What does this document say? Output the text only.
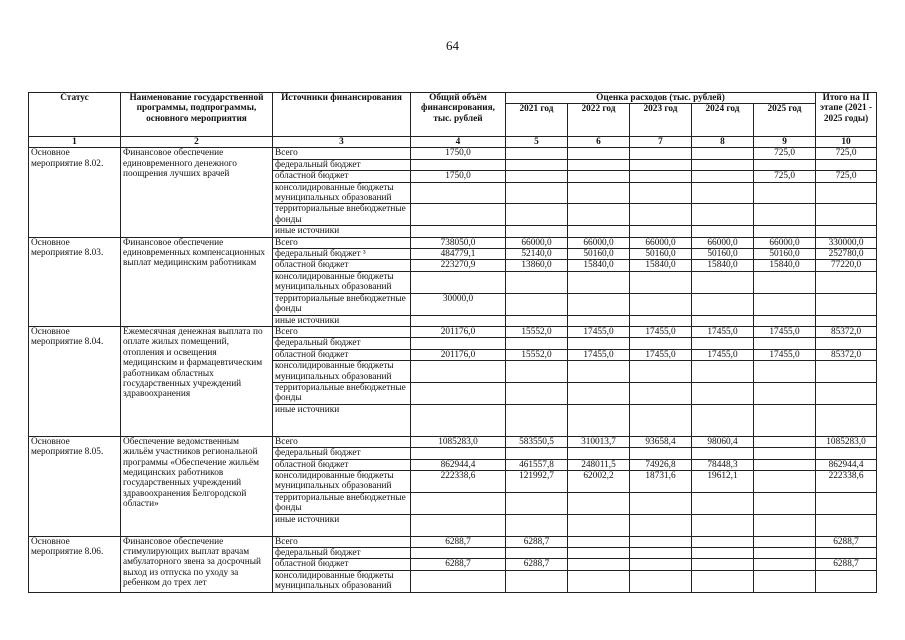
64
Статус	Наименование государственной программы, подпрограммы, основного мероприятия	Источники финансирования	Общий объём финансирования, тыс. рублей	Оценка расходов (тыс. рублей)					Итого на II этапе (2021 - 2025 годы)
				2021 год	2022 год	2023 год	2024 год	2025 год	
1	2	3	4	5	6	7	8	9	10
Основное мероприятие 8.02.	Финансовое обеспечение единовременного денежного поощрения лучших врачей	Всего	1750,0					725,0	725,0
		федеральный бюджет							
		областной бюджет	1750,0					725,0	725,0
		консолидированные бюджеты муниципальных образований							
		территориальные внебюджетные фонды							
		иные источники							
Основное мероприятие 8.03.	Финансовое обеспечение единовремeнных компенсационных выплат медицинским работникам	Всего	738050,0	66000,0	66000,0	66000,0	66000,0	66000,0	330000,0
		федеральный бюджет ³	484779,1	52140,0	50160,0	50160,0	50160,0	50160,0	252780,0
		областной бюджет	223270,9	13860,0	15840,0	15840,0	15840,0	15840,0	77220,0
		консолидированные бюджеты муниципальных образований							
		территориальные внебюджетные фонды	30000,0						
		иные источники							
Основное мероприятие 8.04.	Ежемесячная денежная выплата по оплате жилых помещений, отопления и освещения медицинским и фармацевтическим работникам областных государственных учреждений здравоохранения	Всего	201176,0	15552,0	17455,0	17455,0	17455,0	17455,0	85372,0
		федеральный бюджет							
		областной бюджет	201176,0	15552,0	17455,0	17455,0	17455,0	17455,0	85372,0
		консолидированные бюджеты муниципальных образований							
		территориальные внебюджетные фонды							
		иные источники							
Основное мероприятие 8.05.	Обеспечение ведомственным жильём участников региональной программы «Обеспечение жильём медицинских работников государственных учреждений здравоохранения Белгородской области»	Всего	1085283,0	583550,5	310013,7	93658,4	98060,4		1085283,0
		федеральный бюджет							
		областной бюджет	862944,4	461557,8	248011,5	74926,8	78448,3		862944,4
		консолидированные бюджеты муниципальных образований	222338,6	121992,7	62002,2	18731,6	19612,1		222338,6
		территориальные внебюджетные фонды							
		иные источники							
Основное мероприятие 8.06.	Финансовое обеспечение стимулирующих выплат врачам амбулаторного звена за досрочный выход из отпуска по уходу за ребенком до трех лет	Всего	6288,7	6288,7					6288,7
		федеральный бюджет							
		областной бюджет	6288,7	6288,7					6288,7
		консолидированные бюджеты муниципальных образований							
